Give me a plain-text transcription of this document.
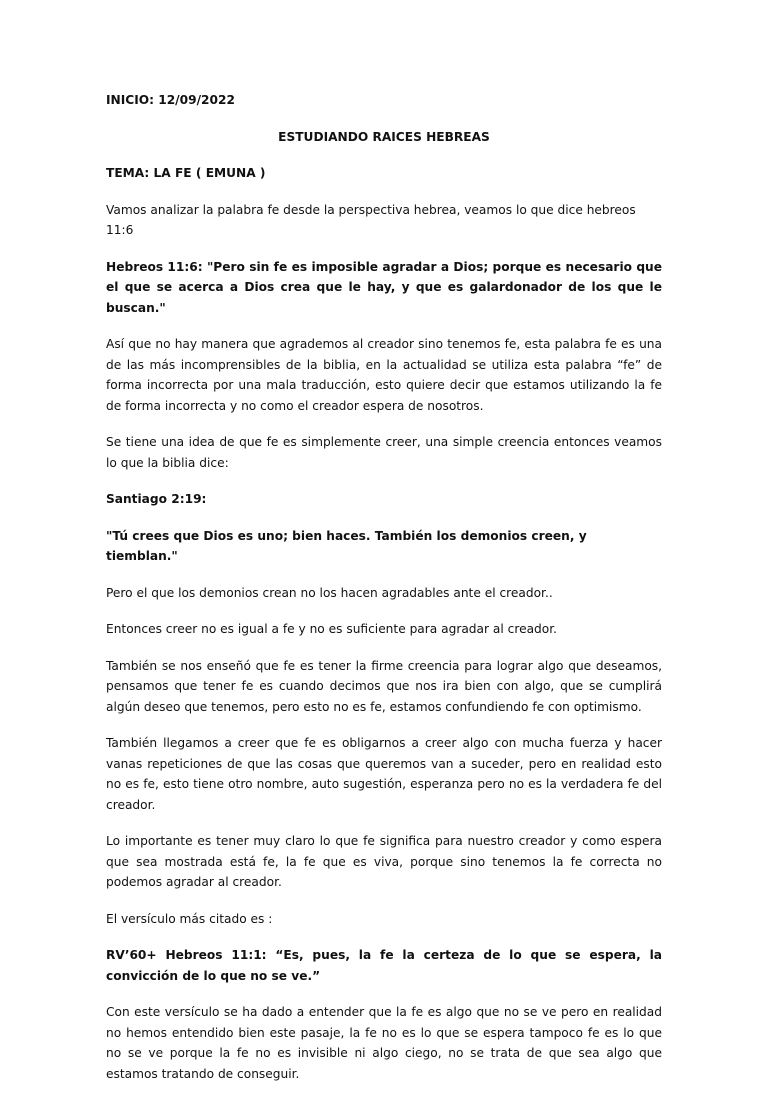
INICIO: 12/09/2022

ESTUDIANDO RAICES HEBREAS

TEMA: LA FE ( EMUNA )

Vamos analizar la palabra fe desde la perspectiva hebrea, veamos lo que dice hebreos 11:6

Hebreos 11:6: "Pero sin fe es imposible agradar a Dios; porque es necesario que el que se acerca a Dios crea que le hay, y que es galardonador de los que le buscan."

Así que no hay manera que agrademos al creador sino tenemos fe, esta palabra fe es una de las más incomprensibles de la biblia, en la actualidad se utiliza esta palabra “fe” de forma incorrecta por una mala traducción, esto quiere decir que estamos utilizando la fe de forma incorrecta y no como el creador espera de nosotros.

Se tiene una idea de que fe es simplemente creer, una simple creencia entonces veamos lo que la biblia dice:

Santiago 2:19:

"Tú crees que Dios es uno; bien haces. También los demonios creen, y tiemblan."

Pero el que los demonios crean no los hacen agradables ante el creador..

Entonces creer no es igual a fe y no es suficiente para agradar al creador.

También se nos enseñó que fe es tener la firme creencia para lograr algo que deseamos, pensamos que tener fe es cuando decimos que nos ira bien con algo, que se cumplirá algún deseo que tenemos, pero esto no es fe, estamos confundiendo fe con optimismo.

También llegamos a creer que fe es obligarnos a creer algo con mucha fuerza y hacer vanas repeticiones de que las cosas que queremos van a suceder, pero en realidad esto no es fe, esto tiene otro nombre, auto sugestión, esperanza pero no es la verdadera fe del creador.

Lo importante es tener muy claro lo que fe significa para nuestro creador y como espera que sea mostrada está fe, la fe que es viva, porque sino tenemos la fe correcta no podemos agradar al creador.

El versículo más citado es :

RV’60+ Hebreos 11:1: “Es, pues, la fe la certeza de lo que se espera, la convicción de lo que no se ve.”

Con este versículo se ha dado a entender que la fe es algo que no se ve pero en realidad no hemos entendido bien este pasaje, la fe no es lo que se espera tampoco fe es lo que no se ve porque la fe no es invisible ni algo ciego, no se trata de que sea algo que estamos tratando de conseguir.
